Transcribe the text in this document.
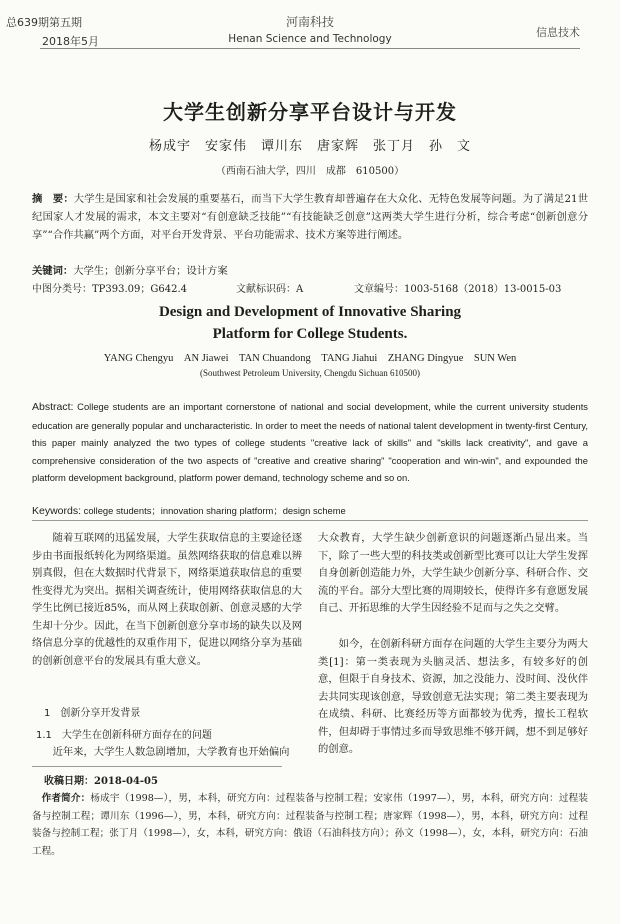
总639期第五期
2018年5月
河南科技
Henan Science and Technology	信息技术
大学生创新分享平台设计与开发
杨成宇　安家伟　谭川东　唐家辉　张丁月　孙　文
（西南石油大学，四川　成都　610500）
摘　要：大学生是国家和社会发展的重要基石，而当下大学生教育却普遍存在大众化、无特色发展等问题。为了满足21世纪国家人才发展的需求，本文主要对“有创意缺乏技能”“有技能缺乏创意”这两类大学生进行分析，综合考虑“创新创意分享”“合作共赢”两个方面，对平台开发背景、平台功能需求、技术方案等进行阐述。
关键词：大学生；创新分享平台；设计方案
中图分类号：TP393.09；G642.4	文献标识码：A	文章编号：1003-5168（2018）13-0015-03
Design and Development of Innovative Sharing
Platform for College Students.
YANG Chengyu　AN Jiawei　TAN Chuandong　TANG Jiahui　ZHANG Dingyue　SUN Wen
(Southwest Petroleum University, Chengdu Sichuan 610500)
Abstract: College students are an important cornerstone of national and social development, while the current university students education are generally popular and uncharacteristic. In order to meet the needs of national talent development in twenty-first Century, this paper mainly analyzed the two types of college students "creative lack of skills" and "skills lack creativity", and gave a comprehensive consideration of the two aspects of "creative and creative sharing" "cooperation and win-win", and expounded the platform development background, platform power demand, technology scheme and so on.
Keywords: college students；innovation sharing platform；design scheme
随着互联网的迅猛发展，大学生获取信息的主要途径逐步由书面报纸转化为网络渠道。虽然网络获取的信息难以辨别真假，但在大数据时代背景下，网络渠道获取信息的重要性变得尤为突出。据相关调查统计，使用网络获取信息的大学生比例已接近85%，而从网上获取创新、创意灵感的大学生却十分少。因此，在当下创新创意分享市场的缺失以及网络信息分享的优越性的双重作用下，促进以网络分享为基础的创新创意平台的发展具有重大意义。
1　创新分享开发背景
1.1　大学生在创新科研方面存在的问题
近年来，大学生人数急剧增加，大学教育也开始偏向
大众教育，大学生缺少创新意识的问题逐渐凸显出来。当下，除了一些大型的科技类或创新型比赛可以让大学生发挥自身创新创造能力外，大学生缺少创新分享、科研合作、交流的平台。部分大型比赛的周期较长，使得许多有意愿发展自己、开拓思维的大学生因经验不足而与之失之交臂。
如今，在创新科研方面存在问题的大学生主要分为两大类[1]：第一类表现为头脑灵活、想法多，有较多好的创意，但限于自身技术、资源，加之没能力、没时间、没伙伴去共同实现该创意，导致创意无法实现；第二类主要表现为在成绩、科研、比赛经历等方面都较为优秀，擅长工程软件，但却碍于事情过多而导致思维不够开阔，想不到足够好的创意。
收稿日期：2018-04-05
作者简介：杨成宇（1998—），男，本科，研究方向：过程装备与控制工程；安家伟（1997—），男，本科，研究方向：过程装备与控制工程；谭川东（1996—），男，本科，研究方向：过程装备与控制工程；唐家辉（1998—），男，本科，研究方向：过程装备与控制工程；张丁月（1998—），女，本科，研究方向：俄语（石油科技方向）；孙文（1998—），女，本科，研究方向：石油工程。
